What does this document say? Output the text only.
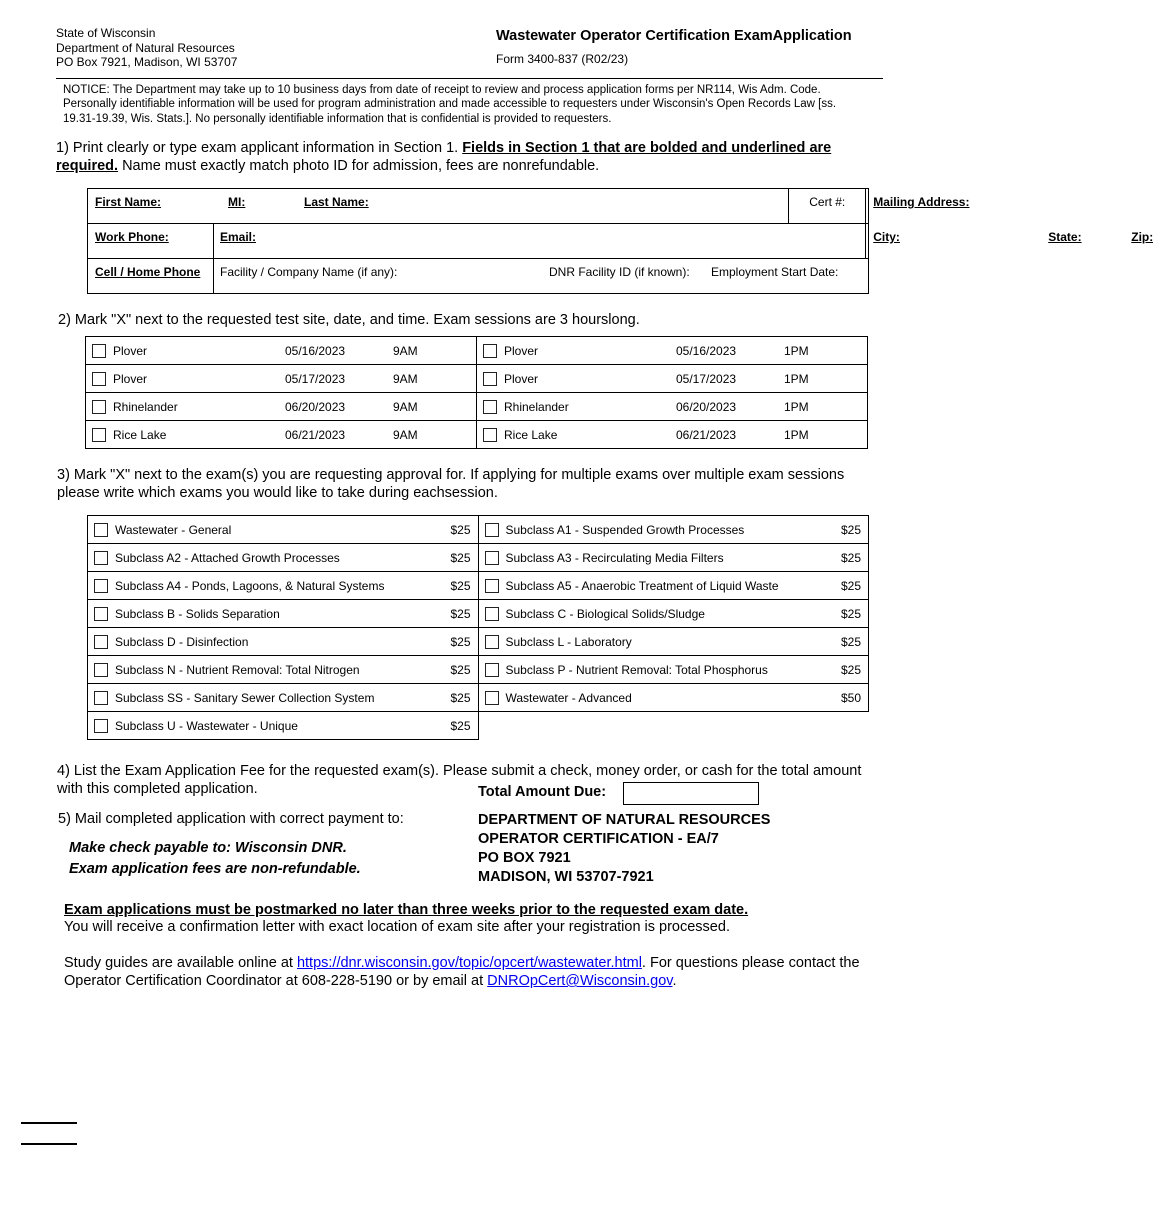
State of Wisconsin
Department of Natural Resources
PO Box 7921, Madison, WI 53707
Wastewater Operator Certification ExamApplication
Form 3400-837 (R02/23)
NOTICE: The Department may take up to 10 business days from date of receipt to review and process application forms per NR114, Wis Adm. Code. Personally identifiable information will be used for program administration and made accessible to requesters under Wisconsin's Open Records Law [ss. 19.31-19.39, Wis. Stats.]. No personally identifiable information that is confidential is provided to requesters.
1) Print clearly or type exam applicant information in Section 1. Fields in Section 1 that are bolded and underlined are required. Name must exactly match photo ID for admission, fees are nonrefundable.
First Name: MI: Last Name:		Cert #:	Mailing Address:

Work Phone:	Email:		City: State: Zip:

Cell / Home Phone	Facility / Company Name (if any): DNR Facility ID (if known): Employment Start Date:		
2) Mark "X" next to the requested test site, date, and time. Exam sessions are 3 hourslong.
Plover 05/16/2023 9AM	Plover 05/16/2023 1PM

Plover 05/17/2023 9AM	Plover 05/17/2023 1PM

Rhinelander 06/20/2023 9AM	Rhinelander 06/20/2023 1PM

Rice Lake 06/21/2023 9AM	Rice Lake 06/21/2023 1PM
3) Mark "X" next to the exam(s) you are requesting approval for. If applying for multiple exams over multiple exam sessions please write which exams you would like to take during eachsession.
Wastewater - General $25	Subclass A1 - Suspended Growth Processes $25

Subclass A2 - Attached Growth Processes $25	Subclass A3 - Recirculating Media Filters $25

Subclass A4 - Ponds, Lagoons, & Natural Systems $25	Subclass A5 - Anaerobic Treatment of Liquid Waste $25

Subclass B - Solids Separation $25	Subclass C - Biological Solids/Sludge $25

Subclass D - Disinfection $25	Subclass L - Laboratory $25

Subclass N - Nutrient Removal: Total Nitrogen $25	Subclass P - Nutrient Removal: Total Phosphorus $25

Subclass SS - Sanitary Sewer Collection System $25	Wastewater - Advanced $50

Subclass U - Wastewater - Unique $25	

4) List the Exam Application Fee for the requested exam(s). Please submit a check, money order, or cash for the total amount with this completed application.	Total Amount Due:
5) Mail completed application with correct payment to:
Make check payable to: Wisconsin DNR.
Exam application fees are non-refundable.
DEPARTMENT OF NATURAL RESOURCES
OPERATOR CERTIFICATION - EA/7
PO BOX 7921
MADISON, WI 53707-7921
Exam applications must be postmarked no later than three weeks prior to the requested exam date.
You will receive a confirmation letter with exact location of exam site after your registration is processed.
Study guides are available online at https://dnr.wisconsin.gov/topic/opcert/wastewater.html. For questions please contact the Operator Certification Coordinator at 608-228-5190 or by email at DNROpCert@Wisconsin.gov.
